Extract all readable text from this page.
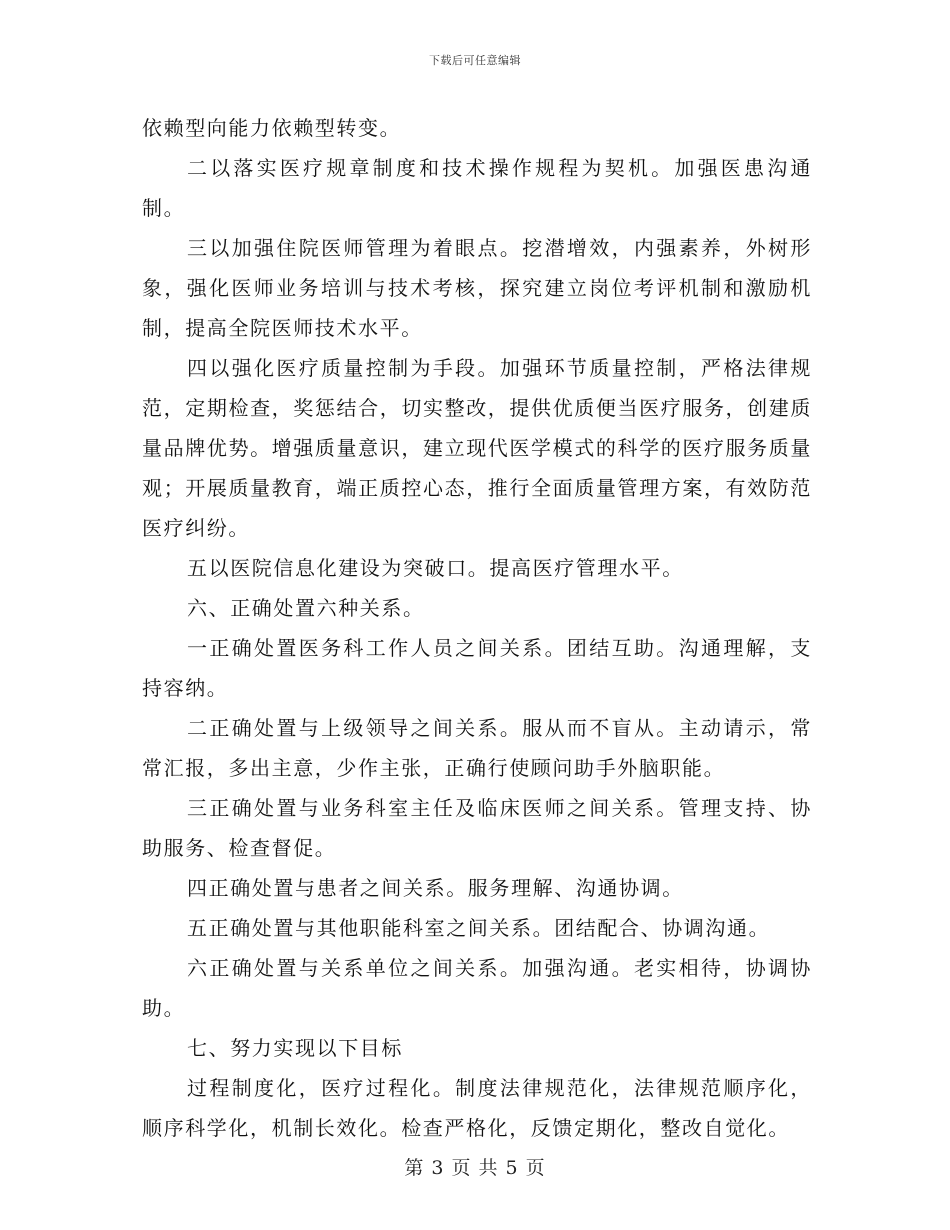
下载后可任意编辑

依赖型向能力依赖型转变。

二以落实医疗规章制度和技术操作规程为契机。加强医患沟通制。

三以加强住院医师管理为着眼点。挖潜增效，内强素养，外树形象，强化医师业务培训与技术考核，探究建立岗位考评机制和激励机制，提高全院医师技术水平。

四以强化医疗质量控制为手段。加强环节质量控制，严格法律规范，定期检查，奖惩结合，切实整改，提供优质便当医疗服务，创建质量品牌优势。增强质量意识，建立现代医学模式的科学的医疗服务质量观；开展质量教育，端正质控心态，推行全面质量管理方案，有效防范医疗纠纷。

五以医院信息化建设为突破口。提高医疗管理水平。

六、正确处置六种关系。

一正确处置医务科工作人员之间关系。团结互助。沟通理解，支持容纳。

二正确处置与上级领导之间关系。服从而不盲从。主动请示，常常汇报，多出主意，少作主张，正确行使顾问助手外脑职能。

三正确处置与业务科室主任及临床医师之间关系。管理支持、协助服务、检查督促。

四正确处置与患者之间关系。服务理解、沟通协调。

五正确处置与其他职能科室之间关系。团结配合、协调沟通。

六正确处置与关系单位之间关系。加强沟通。老实相待，协调协助。

七、努力实现以下目标

过程制度化，医疗过程化。制度法律规范化，法律规范顺序化，顺序科学化，机制长效化。检查严格化，反馈定期化，整改自觉化。

第 3 页 共 5 页
